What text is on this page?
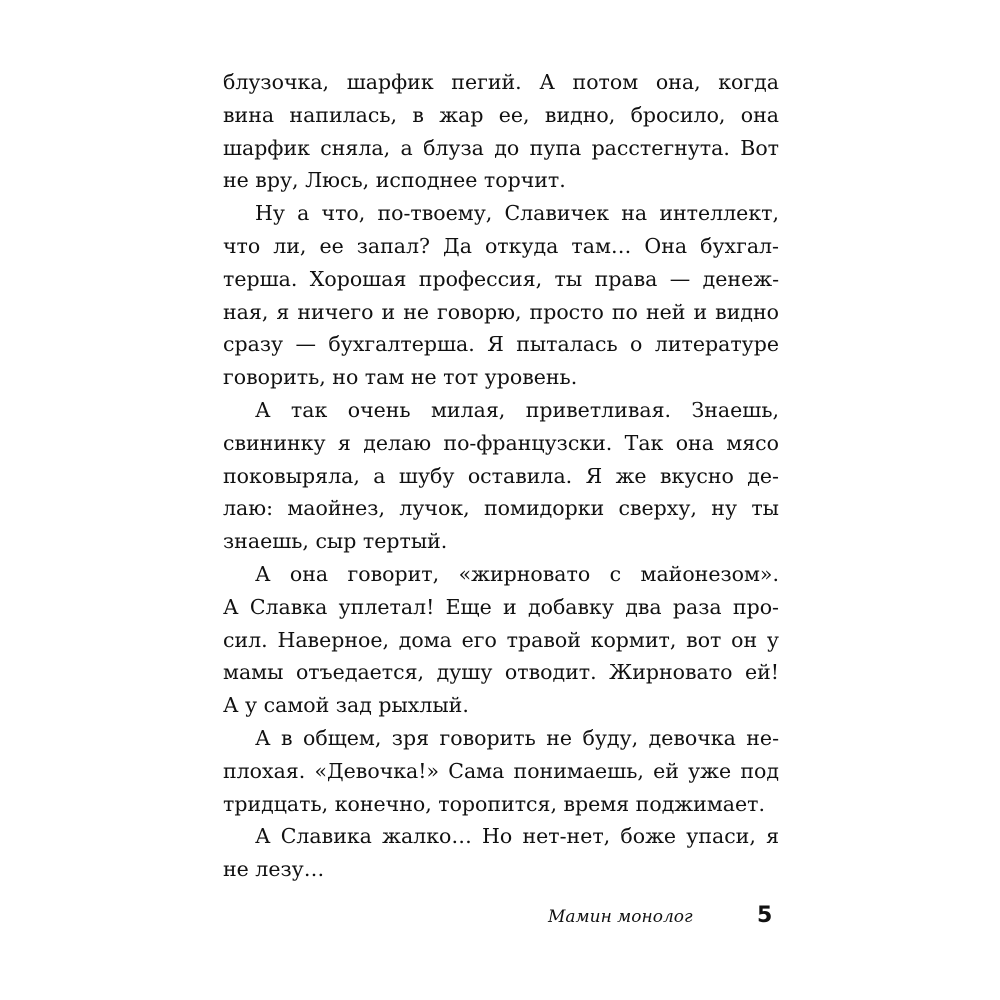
блузочка, шарфик пегий. А потом она, когда
вина напилась, в жар ее, видно, бросило, она
шарфик сняла, а блуза до пупа расстегнута. Вот
не вру, Люсь, исподнее торчит.
Ну а что, по-твоему, Славичек на интеллект,
что ли, ее запал? Да откуда там… Она бухгал-
терша. Хорошая профессия, ты права — денеж-
ная, я ничего и не говорю, просто по ней и видно
сразу — бухгалтерша. Я пыталась о литературе
говорить, но там не тот уровень.
А так очень милая, приветливая. Знаешь,
свининку я делаю по-французски. Так она мясо
поковыряла, а шубу оставила. Я же вкусно де-
лаю: маойнез, лучок, помидорки сверху, ну ты
знаешь, сыр тертый.
А она говорит, «жирновато с майонезом».
А Славка уплетал! Еще и добавку два раза про-
сил. Наверное, дома его травой кормит, вот он у
мамы отъедается, душу отводит. Жирновато ей!
А у самой зад рыхлый.
А в общем, зря говорить не буду, девочка не-
плохая. «Девочка!» Сама понимаешь, ей уже под
тридцать, конечно, торопится, время поджимает.
А Славика жалко… Но нет-нет, боже упаси, я
не лезу…
Мамин монолог	5
